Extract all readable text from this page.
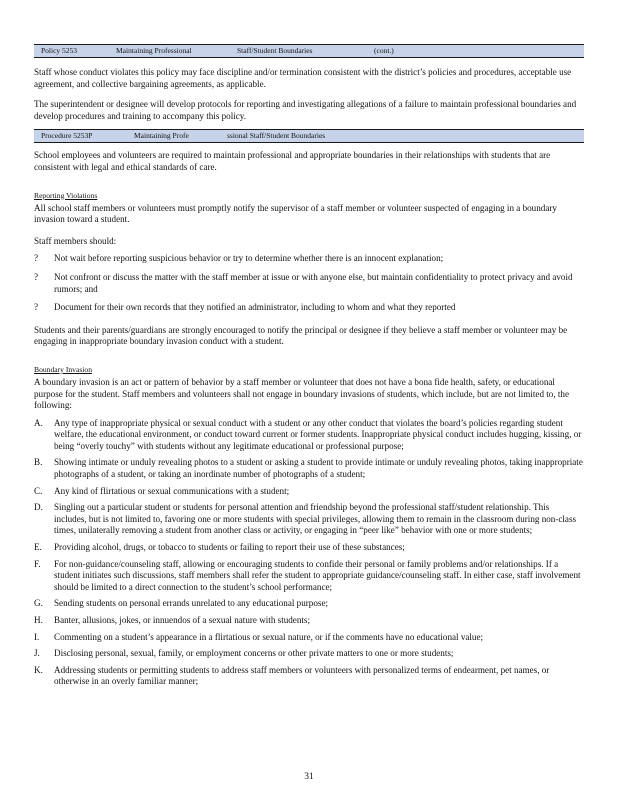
Policy 5253	Maintaining Professional	Staff/Student Boundaries	(cont.)

Staff whose conduct violates this policy may face discipline and/or termination consistent with the district’s policies and procedures, acceptable use agreement, and collective bargaining agreements, as applicable.

The superintendent or designee will develop protocols for reporting and investigating allegations of a failure to maintain professional boundaries and develop procedures and training to accompany this policy.

Procedure 5253P	Maintaining Profe	ssional Staff/Student Boundaries

School employees and volunteers are required to maintain professional and appropriate boundaries in their relationships with students that are consistent with legal and ethical standards of care.

Reporting Violations

All school staff members or volunteers must promptly notify the supervisor of a staff member or volunteer suspected of engaging in a boundary invasion toward a student.

Staff members should:

? Not wait before reporting suspicious behavior or try to determine whether there is an innocent explanation;
? Not confront or discuss the matter with the staff member at issue or with anyone else, but maintain confidentiality to protect privacy and avoid rumors; and
? Document for their own records that they notified an administrator, including to whom and what they reported

Students and their parents/guardians are strongly encouraged to notify the principal or designee if they believe a staff member or volunteer may be engaging in inappropriate boundary invasion conduct with a student.

Boundary Invasion

A boundary invasion is an act or pattern of behavior by a staff member or volunteer that does not have a bona fide health, safety, or educational purpose for the student. Staff members and volunteers shall not engage in boundary invasions of students, which include, but are not limited to, the following:

A. Any type of inappropriate physical or sexual conduct with a student or any other conduct that violates the board’s policies regarding student welfare, the educational environment, or conduct toward current or former students. Inappropriate physical conduct includes hugging, kissing, or being “overly touchy” with students without any legitimate educational or professional purpose;
B. Showing intimate or unduly revealing photos to a student or asking a student to provide intimate or unduly revealing photos, taking inappropriate photographs of a student, or taking an inordinate number of photographs of a student;
C. Any kind of flirtatious or sexual communications with a student;
D. Singling out a particular student or students for personal attention and friendship beyond the professional staff/student relationship. This includes, but is not limited to, favoring one or more students with special privileges, allowing them to remain in the classroom during non-class times, unilaterally removing a student from another class or activity, or engaging in “peer like” behavior with one or more students;
E. Providing alcohol, drugs, or tobacco to students or failing to report their use of these substances;
F. For non-guidance/counseling staff, allowing or encouraging students to confide their personal or family problems and/or relationships. If a student initiates such discussions, staff members shall refer the student to appropriate guidance/counseling staff. In either case, staff involvement should be limited to a direct connection to the student’s school performance;
G. Sending students on personal errands unrelated to any educational purpose;
H. Banter, allusions, jokes, or innuendos of a sexual nature with students;
I. Commenting on a student’s appearance in a flirtatious or sexual nature, or if the comments have no educational value;
J. Disclosing personal, sexual, family, or employment concerns or other private matters to one or more students;
K. Addressing students or permitting students to address staff members or volunteers with personalized terms of endearment, pet names, or otherwise in an overly familiar manner;
31
